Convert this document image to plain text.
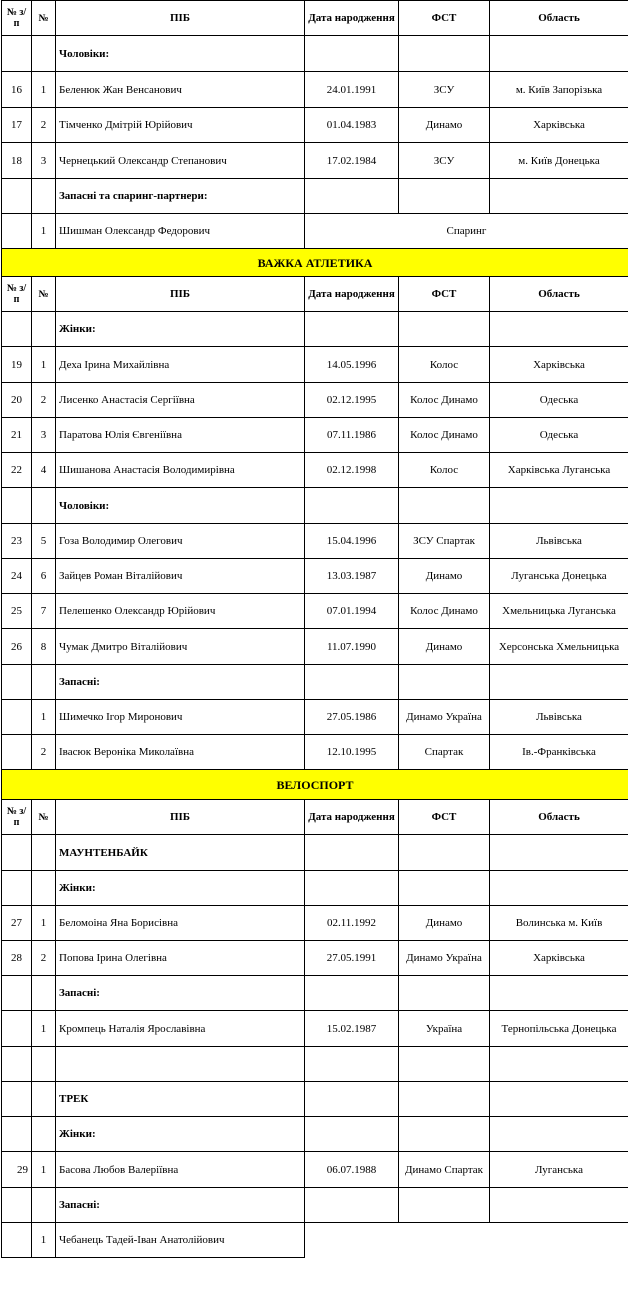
№ з/п	№	ПІБ	Дата народження	ФСТ	Область
		Чоловіки:			
16	1	Беленюк Жан Венсанович	24.01.1991	ЗСУ	м. Київ Запорізька
17	2	Тімченко Дмітрій Юрійович	01.04.1983	Динамо	Харківська
18	3	Чернецький Олександр Степанович	17.02.1984	ЗСУ	м. Київ Донецька
		Запасні та спаринг-партнери:			
	1	Шишман Олександр Федорович	Спаринг		
ВАЖКА АТЛЕТИКА					
№ з/п	№	ПІБ	Дата народження	ФСТ	Область
		Жінки:			
19	1	Деха Ірина Михайлівна	14.05.1996	Колос	Харківська
20	2	Лисенко Анастасія Сергіївна	02.12.1995	Колос Динамо	Одеська
21	3	Паратова Юлія Євгеніївна	07.11.1986	Колос Динамо	Одеська
22	4	Шишанова Анастасія Володимирівна	02.12.1998	Колос	Харківська Луганська
		Чоловіки:			
23	5	Гоза Володимир Олегович	15.04.1996	ЗСУ Спартак	Львівська
24	6	Зайцев Роман Віталійович	13.03.1987	Динамо	Луганська Донецька
25	7	Пелешенко Олександр Юрійович	07.01.1994	Колос Динамо	Хмельницька Луганська
26	8	Чумак Дмитро Віталійович	11.07.1990	Динамо	Херсонська Хмельницька
		Запасні:			
	1	Шимечко Ігор Миронович	27.05.1986	Динамо Україна	Львівська
	2	Івасюк Вероніка Миколаївна	12.10.1995	Спартак	Ів.-Франківська
ВЕЛОСПОРТ					
№ з/п	№	ПІБ	Дата народження	ФСТ	Область
		МАУНТЕНБАЙК			
		Жінки:			
27	1	Беломоіна Яна Борисівна	02.11.1992	Динамо	Волинська м. Київ
28	2	Попова Ірина Олегівна	27.05.1991	Динамо Україна	Харківська
		Запасні:			
	1	Кромпець Наталія Ярославівна	15.02.1987	Україна	Тернопільська Донецька

		ТРЕК			
		Жінки:			
29	1	Басова Любов Валеріївна	06.07.1988	Динамо Спартак	Луганська
		Запасні:			
	1	Чебанець Тадей-Іван Анатолійович			
